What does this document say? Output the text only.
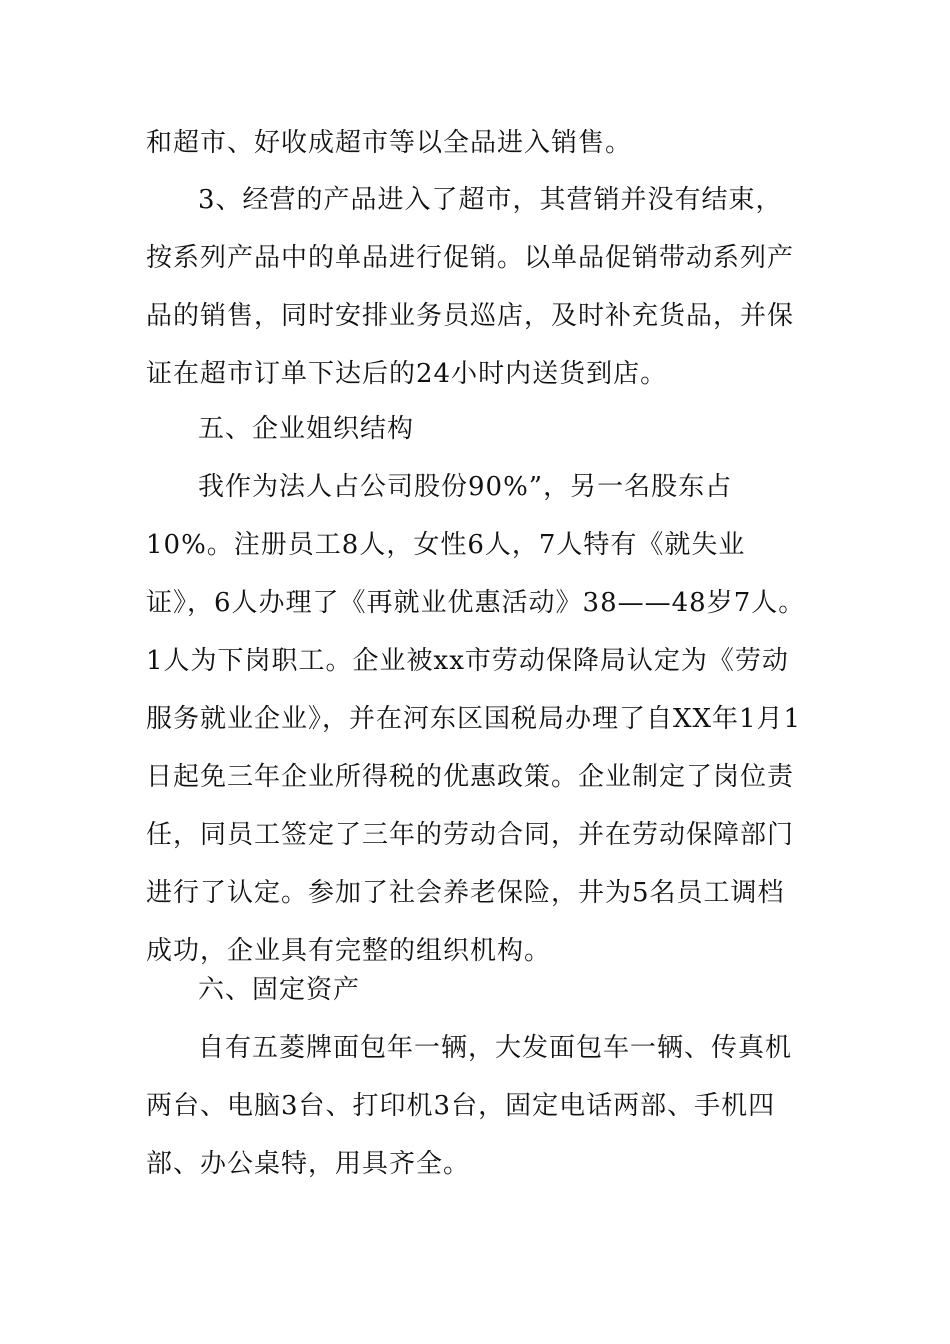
和超市、好收成超市等以全品进入销售。

3、经营的产品进入了超市，其营销并没有结束，按系列产品中的单品进行促销。以单品促销带动系列产品的销售，同时安排业务员巡店，及时补充货品，并保证在超市订单下达后的24小时内送货到店。

五、企业姐织结构

我作为法人占公司股份90%”，另一名股东占10%。注册员工8人，女性6人，7人特有《就失业证》，6人办理了《再就业优惠活动》38——48岁7人。1人为下岗职工。企业被xx市劳动保降局认定为《劳动服务就业企业》，并在河东区国税局办理了自XX年1月1日起免三年企业所得税的优惠政策。企业制定了岗位责任，同员工签定了三年的劳动合同，并在劳动保障部门进行了认定。参加了社会养老保险，井为5名员工调档成功，企业具有完整的组织机构。

六、固定资产

自有五菱牌面包年一辆，大发面包车一辆、传真机两台、电脑3台、打印机3台，固定电话两部、手机四部、办公桌特，用具齐全。
